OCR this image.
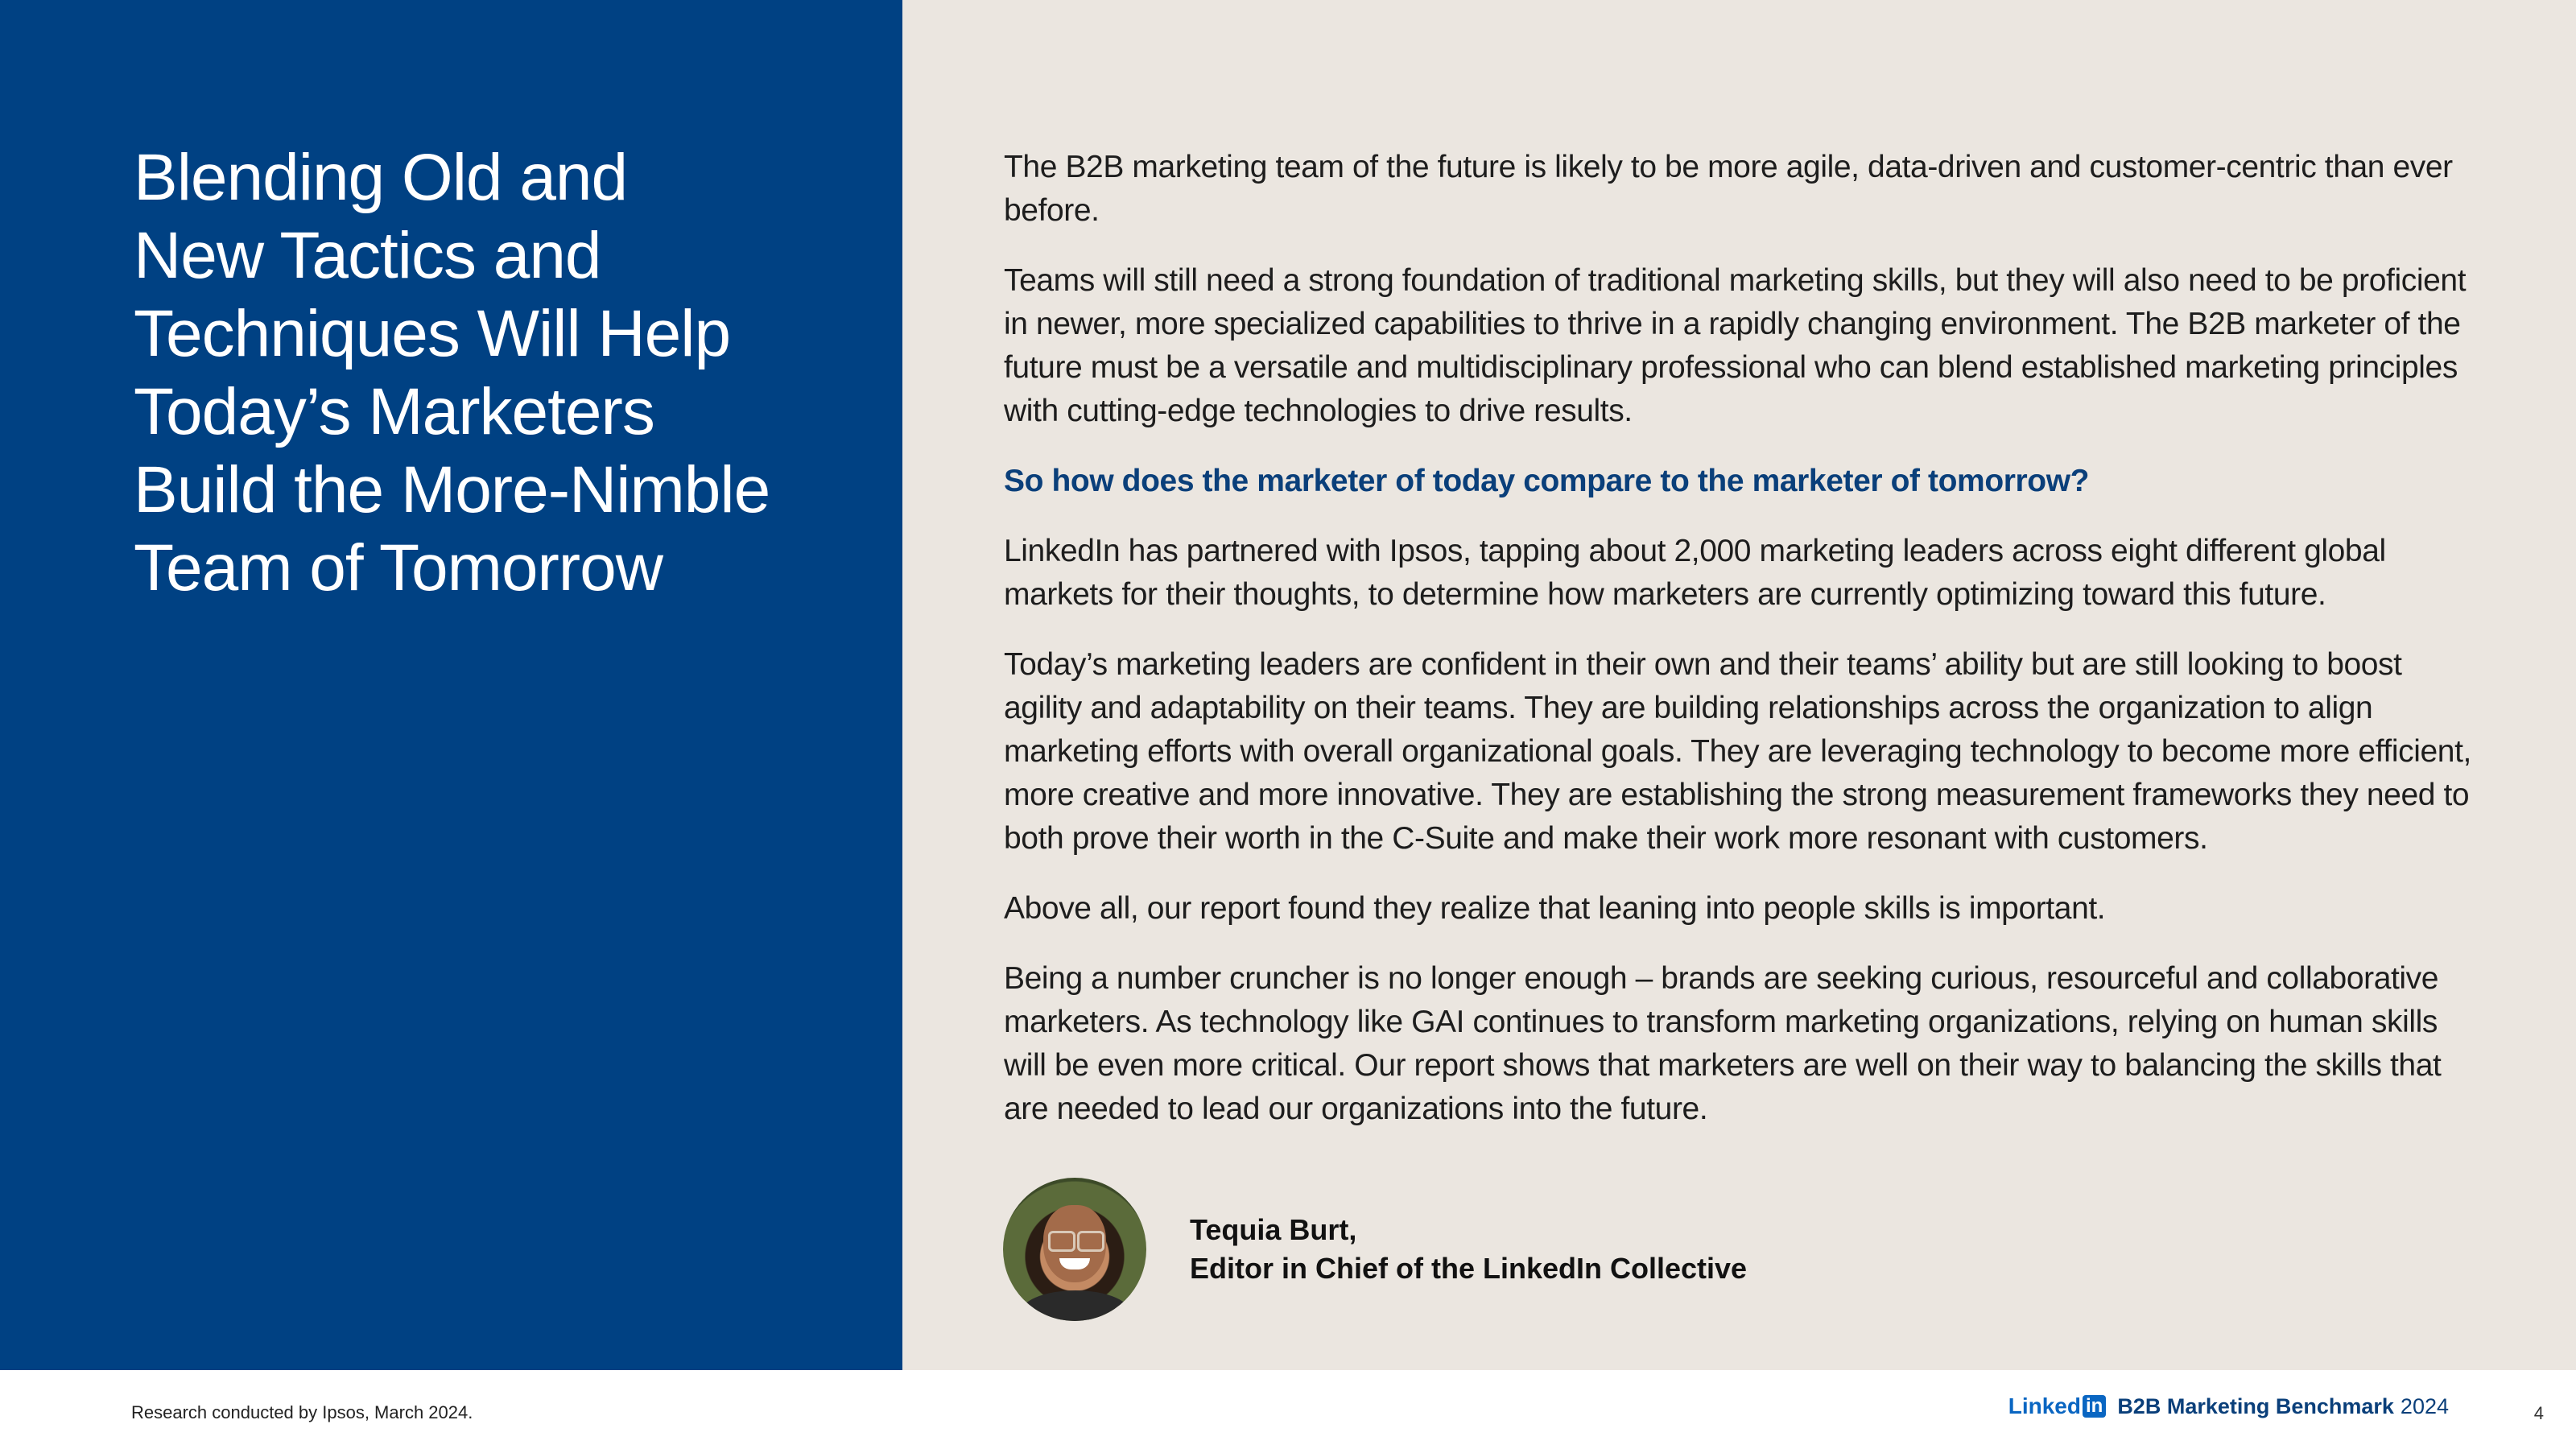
Blending Old and
New Tactics and
Techniques Will Help
Today’s Marketers
Build the More-Nimble
Team of Tomorrow

The B2B marketing team of the future is likely to be more agile, data-driven and customer-centric than ever before.

Teams will still need a strong foundation of traditional marketing skills, but they will also need to be proficient in newer, more specialized capabilities to thrive in a rapidly changing environment. The B2B marketer of the future must be a versatile and multidisciplinary professional who can blend established marketing principles with cutting-edge technologies to drive results.

So how does the marketer of today compare to the marketer of tomorrow?

LinkedIn has partnered with Ipsos, tapping about 2,000 marketing leaders across eight different global markets for their thoughts, to determine how marketers are currently optimizing toward this future.

Today’s marketing leaders are confident in their own and their teams’ ability but are still looking to boost agility and adaptability on their teams. They are building relationships across the organization to align marketing efforts with overall organizational goals. They are leveraging technology to become more efficient, more creative and more innovative. They are establishing the strong measurement frameworks they need to both prove their worth in the C-Suite and make their work more resonant with customers.

Above all, our report found they realize that leaning into people skills is important.

Being a number cruncher is no longer enough – brands are seeking curious, resourceful and collaborative marketers. As technology like GAI continues to transform marketing organizations, relying on human skills will be even more critical. Our report shows that marketers are well on their way to balancing the skills that are needed to lead our organizations into the future.

Tequia Burt,
Editor in Chief of the LinkedIn Collective
Research conducted by Ipsos, March 2024.	Linked in B2B Marketing Benchmark 2024	4
